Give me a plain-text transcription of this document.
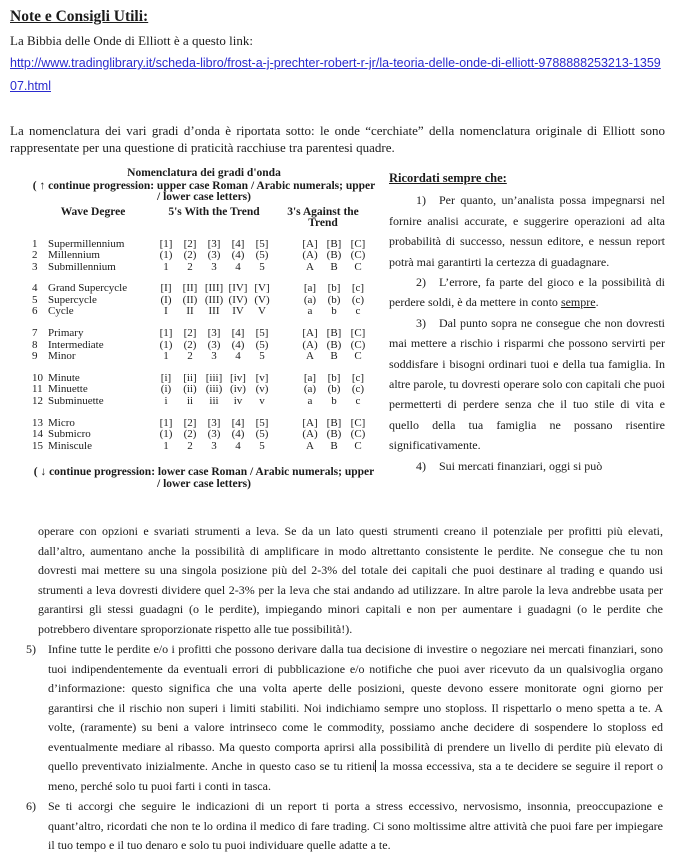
Note e Consigli Utili:

La Bibbia delle Onde di Elliott è a questo link:

http://www.tradinglibrary.it/scheda-libro/frost-a-j-prechter-robert-r-jr/la-teoria-delle-onde-di-elliott-9788888253213-135907.html

La nomenclatura dei vari gradi d’onda è riportata sotto: le onde “cerchiate” della nomenclatura originale di Elliott sono rappresentate per una questione di praticità racchiuse tra parentesi quadre.

Nomenclatura dei gradi d'onda

( ↑ continue progression: upper case Roman / Arabic numerals; upper / lower case letters)

Wave Degree	5's With the Trend	3's Against the Trend
1 Supermillennium	[1]	[2]	[3]	[4]	[5]	[A] [B] [C]
2 Millennium	(1)	(2)	(3)	(4)	(5)	(A) (B) (C)
3 Submillennium	1	2	3	4	5	A	B	C
4 Grand Supercycle	[I]	[II] [III] [IV] [V]	[a]	[b]	[c]
5 Supercycle	(I)	(II) (III) (IV) (V)	(a)	(b)	(c)
6 Cycle	I	II	III	IV	V	a	b	c
7 Primary	[1]	[2]	[3]	[4]	[5]	[A] [B] [C]
8 Intermediate	(1)	(2)	(3)	(4)	(5)	(A) (B) (C)
9 Minor	1	2	3	4	5	A	B	C
10 Minute	[i]	[ii] [iii] [iv] [v]	[a]	[b]	[c]
11 Minuette	(i)	(ii) (iii) (iv) (v)	(a)	(b)	(c)
12 Subminuette	i	ii	iii	iv	v	a	b	c
13 Micro	[1]	[2]	[3]	[4]	[5]	[A] [B] [C]
14 Submicro	(1)	(2)	(3)	(4)	(5)	(A) (B) (C)
15 Miniscule	1	2	3	4	5	A	B	C

( ↓ continue progression: lower case Roman / Arabic numerals; upper / lower case letters)

Ricordati sempre che:

1) Per quanto, un’analista possa impegnarsi nel fornire analisi accurate, e suggerire operazioni ad alta probabilità di successo, nessun editore, e nessun report potrà mai garantirti la certezza di guadagnare.

2) L’errore, fa parte del gioco e la possibilità di perdere soldi, è da mettere in conto sempre.

3) Dal punto sopra ne consegue che non dovresti mai mettere a rischio i risparmi che possono servirti per soddisfare i bisogni ordinari tuoi e della tua famiglia. In altre parole, tu dovresti operare solo con capitali che puoi permetterti di perdere senza che il tuo stile di vita e quello della tua famiglia ne possano risentire significativamente.

4) Sui mercati finanziari, oggi si può

operare con opzioni e svariati strumenti a leva. Se da un lato questi strumenti creano il potenziale per profitti più elevati, dall’altro, aumentano anche la possibilità di amplificare in modo altrettanto consistente le perdite. Ne consegue che tu non dovresti mai mettere su una singola posizione più del 2-3% del totale dei capitali che puoi destinare al trading e quando usi strumenti a leva dovresti dividere quel 2-3% per la leva che stai andando ad utilizzare. In altre parole la leva andrebbe usata per garantirsi gli stessi guadagni (o le perdite), impiegando minori capitali e non per aumentare i guadagni (o le perdite che potrebbero diventare sproporzionate rispetto alle tue possibilità!).

5) Infine tutte le perdite e/o i profitti che possono derivare dalla tua decisione di investire o negoziare nei mercati finanziari, sono tuoi indipendentemente da eventuali errori di pubblicazione e/o notifiche che puoi aver ricevuto da un qualsivoglia organo d’informazione: questo significa che una volta aperte delle posizioni, queste devono essere monitorate ogni giorno per garantirsi che il rischio non superi i limiti stabiliti. Noi indichiamo sempre uno stoploss. Il rispettarlo o meno spetta a te. A volte, (raramente) su beni a valore intrinseco come le commodity, possiamo anche decidere di sospendere lo stoploss ed eventualmente mediare al ribasso. Ma questo comporta aprirsi alla possibilità di prendere un livello di perdite più elevato di quello preventivato inizialmente. Anche in questo caso se tu ritieni la mossa eccessiva, sta a te decidere se seguire il report o meno, perché solo tu puoi farti i conti in tasca.

6) Se ti accorgi che seguire le indicazioni di un report ti porta a stress eccessivo, nervosismo, insonnia, preoccupazione e quant’altro, ricordati che non te lo ordina il medico di fare trading. Ci sono moltissime altre attività che puoi fare per impiegare il tuo tempo e il tuo denaro e solo tu puoi individuare quelle adatte a te.
